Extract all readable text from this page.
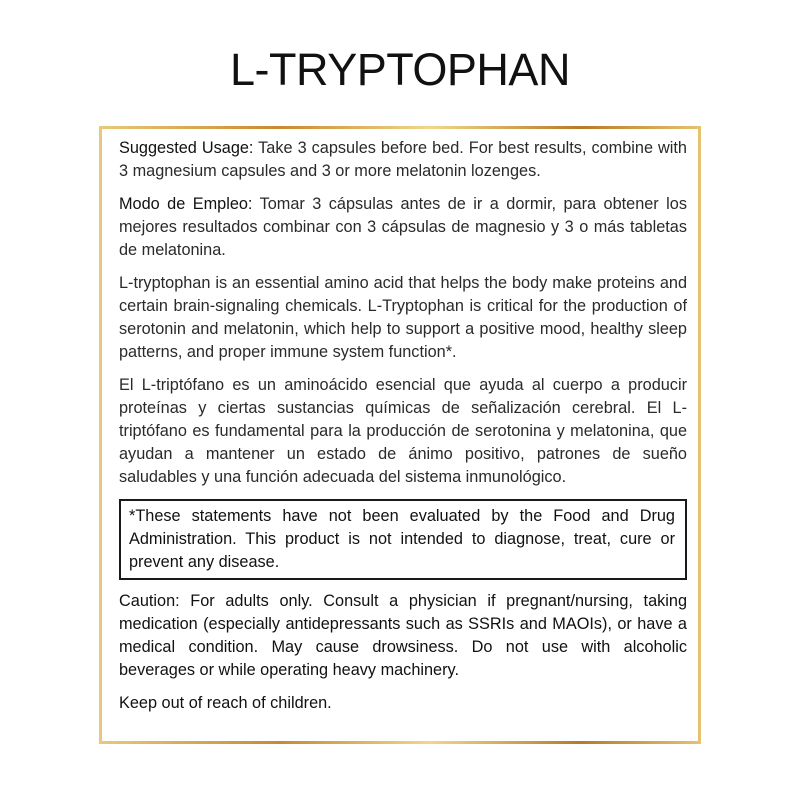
L-TRYPTOPHAN

Suggested Usage: Take 3 capsules before bed. For best results, combine with 3 magnesium capsules and 3 or more melatonin lozenges.

Modo de Empleo: Tomar 3 cápsulas antes de ir a dormir, para obtener los mejores resultados combinar con 3 cápsulas de magnesio y 3 o más tabletas de melatonina.

L-tryptophan is an essential amino acid that helps the body make proteins and certain brain-signaling chemicals. L-Tryptophan is critical for the production of serotonin and melatonin, which help to support a positive mood, healthy sleep patterns, and proper immune system function*.

El L-triptófano es un aminoácido esencial que ayuda al cuerpo a producir proteínas y ciertas sustancias químicas de señalización cerebral. El L-triptófano es fundamental para la producción de serotonina y melatonina, que ayudan a mantener un estado de ánimo positivo, patrones de sueño saludables y una función adecuada del sistema inmunológico.

*These statements have not been evaluated by the Food and Drug Administration. This product is not intended to diagnose, treat, cure or prevent any disease.

Caution: For adults only. Consult a physician if pregnant/nursing, taking medication (especially antidepressants such as SSRIs and MAOIs), or have a medical condition. May cause drowsiness. Do not use with alcoholic beverages or while operating heavy machinery.

Keep out of reach of children.
